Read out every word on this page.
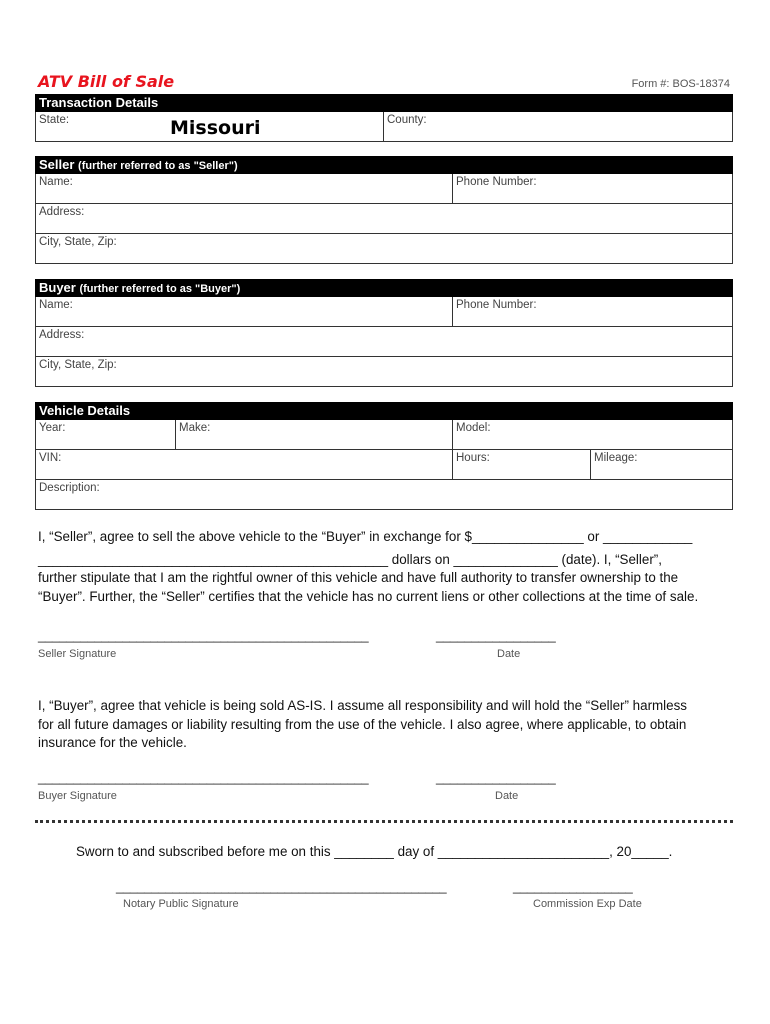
ATV Bill of Sale	Form #: BOS-18374
Transaction Details
State:	Missouri	County:
Seller (further referred to as "Seller")
Name:	Phone Number:
Address:
City, State, Zip:
Buyer (further referred to as "Buyer")
Name:	Phone Number:
Address:
City, State, Zip:
Vehicle Details
Year:	Make:	Model:
VIN:	Hours:	Mileage:
Description:
I, “Seller”, agree to sell the above vehicle to the “Buyer” in exchange for $_______________ or ____________
_______________________________________________ dollars on ______________ (date). I, “Seller”,
further stipulate that I am the rightful owner of this vehicle and have full authority to transfer ownership to the
“Buyer”. Further, the “Seller” certifies that the vehicle has no current liens or other collections at the time of sale.
_______________________________________________	_________________
Seller Signature	Date
I, “Buyer”, agree that vehicle is being sold AS-IS. I assume all responsibility and will hold the “Seller” harmless
for all future damages or liability resulting from the use of the vehicle. I also agree, where applicable, to obtain
insurance for the vehicle.
_______________________________________________	_________________
Buyer Signature	Date
Sworn to and subscribed before me on this ________ day of _______________________, 20_____.
_______________________________________________	_________________
Notary Public Signature	Commission Exp Date
